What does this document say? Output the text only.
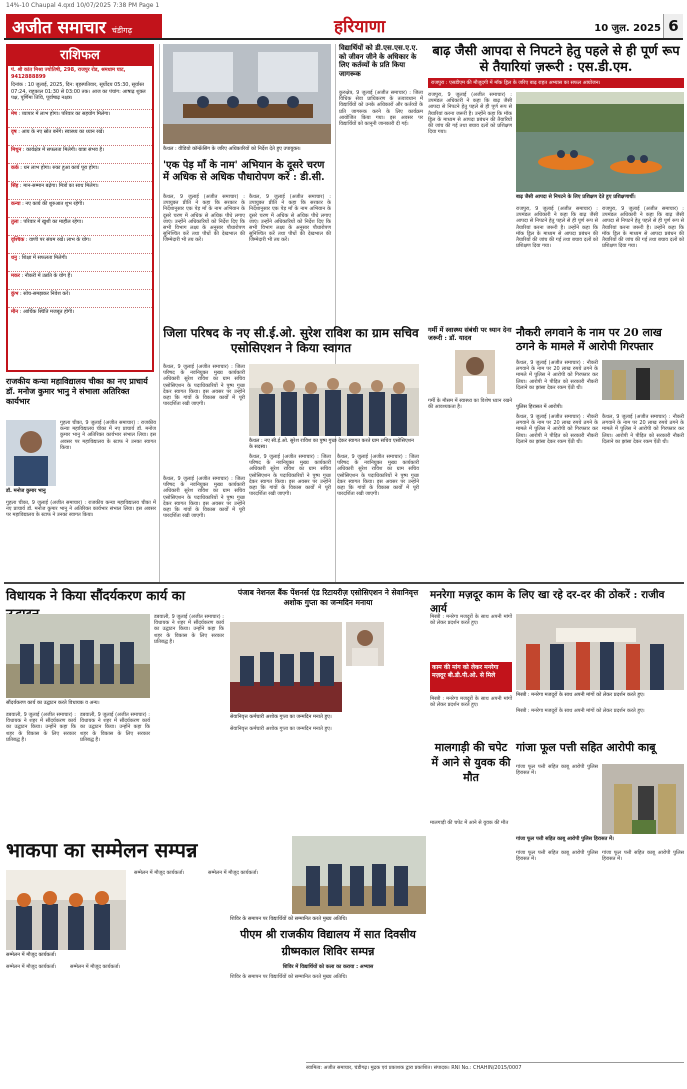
14%-10 Chaupal 4.qxd 10/07/2025 7:38 PM Page 1
अजीत समाचार चंडीगढ़	हरियाणा	10 जुल. 2025 6
राशिफल
पं. श्री कांत मिश्रा ज्योतिषी, 298, राजपुर रोड, श्रमधाम घाट, 9412888899
दिनांक : 10 जुलाई, 2025, दिन: बृहस्पतिवार, सूर्योदय 05:30, सूर्यास्त 07:24, राहुकाल 01:30 से 03:00 तक। आज का पंचांग: आषाढ़ शुक्ल पक्ष, पूर्णिमा तिथि, पूर्वाषाढ़ नक्षत्र।
मेष : व्यापार में लाभ होगा। परिवार का सहयोग मिलेगा।
वृष : आय के नए स्रोत बनेंगे। स्वास्थ्य का ध्यान रखें।
मिथुन : कार्यक्षेत्र में सफलता मिलेगी। यात्रा संभव है।
कर्क : धन लाभ होगा। रुका हुआ कार्य पूरा होगा।
सिंह : मान-सम्मान बढ़ेगा। मित्रों का साथ मिलेगा।
कन्या : नए कार्य की शुरुआत शुभ रहेगी।
तुला : परिवार में खुशी का माहौल रहेगा।
वृश्चिक : वाणी पर संयम रखें। लाभ के योग।
धनु : शिक्षा में सफलता मिलेगी।
मकर : नौकरी में उन्नति के योग हैं।
कुंभ : सोच-समझकर निवेश करें।
मीन : आर्थिक स्थिति मजबूत होगी।
कैथल : वीडियो कॉन्फ्रेंसिंग के जरिए अधिकारियों को निर्देश देते हुए उपायुक्त।
'एक पेड़ माँ के नाम' अभियान के दूसरे चरण में अधिक से अधिक पौधारोपण करें : डी.सी.
कैथल, 9 जुलाई (अजीत समाचार) : उपायुक्त प्रीति ने कहा कि सरकार के निर्देशानुसार एक पेड़ माँ के नाम अभियान के दूसरे चरण में अधिक से अधिक पौधे लगाए जाएं। उन्होंने अधिकारियों को निर्देश दिए कि सभी विभाग लक्ष्य के अनुसार पौधारोपण सुनिश्चित करें तथा पौधों की देखभाल की जिम्मेदारी भी तय करें।
कैथल, 9 जुलाई (अजीत समाचार) : उपायुक्त प्रीति ने कहा कि सरकार के निर्देशानुसार एक पेड़ माँ के नाम अभियान के दूसरे चरण में अधिक से अधिक पौधे लगाए जाएं। उन्होंने अधिकारियों को निर्देश दिए कि सभी विभाग लक्ष्य के अनुसार पौधारोपण सुनिश्चित करें तथा पौधों की देखभाल की जिम्मेदारी भी तय करें।
विद्यार्थियों को डी.एस.एस.ए.ए. को जीवन जीने के अधिकार के लिए कर्तव्यों के प्रति किया जागरूक
कुरुक्षेत्र, 9 जुलाई (अजीत समाचार) : जिला विधिक सेवा प्राधिकरण के तत्वावधान में विद्यार्थियों को उनके अधिकारों और कर्तव्यों के प्रति जागरूक करने के लिए कार्यक्रम आयोजित किया गया। इस अवसर पर विद्यार्थियों को कानूनी जानकारी दी गई।
बाढ़ जैसी आपदा से निपटने हेतु पहले से ही पूर्ण रूप से तैयारियां ज़रूरी : एस.डी.एम.
राजपुरा : एसडीएम की मौजूदगी में मॉक ड्रिल के जरिए बाढ़ राहत अभ्यास का सफल आयोजन।
राजपुरा, 9 जुलाई (अजीत समाचार) : उपमंडल अधिकारी ने कहा कि बाढ़ जैसी आपदा से निपटने हेतु पहले से ही पूर्ण रूप से तैयारियां करना जरूरी है। उन्होंने कहा कि मॉक ड्रिल के माध्यम से आपदा प्रबंधन की तैयारियों की जांच की गई तथा बचाव दलों को प्रशिक्षण दिया गया।
बाढ़ जैसी आपदा से निपटने के लिए प्रशिक्षण देते हुए प्रशिक्षणार्थी।
राजपुरा, 9 जुलाई (अजीत समाचार) : उपमंडल अधिकारी ने कहा कि बाढ़ जैसी आपदा से निपटने हेतु पहले से ही पूर्ण रूप से तैयारियां करना जरूरी है। उन्होंने कहा कि मॉक ड्रिल के माध्यम से आपदा प्रबंधन की तैयारियों की जांच की गई तथा बचाव दलों को प्रशिक्षण दिया गया।
राजपुरा, 9 जुलाई (अजीत समाचार) : उपमंडल अधिकारी ने कहा कि बाढ़ जैसी आपदा से निपटने हेतु पहले से ही पूर्ण रूप से तैयारियां करना जरूरी है। उन्होंने कहा कि मॉक ड्रिल के माध्यम से आपदा प्रबंधन की तैयारियों की जांच की गई तथा बचाव दलों को प्रशिक्षण दिया गया।
गर्मी में स्वास्थ्य संबंधी पर ध्यान देना जरूरी : डॉ. यादव
गर्मी के मौसम में स्वास्थ्य का विशेष ध्यान रखने की आवश्यकता है।
नौकरी लगवाने के नाम पर 20 लाख ठगने के मामले में आरोपी गिरफ्तार
कैथल, 9 जुलाई (अजीत समाचार) : नौकरी लगवाने के नाम पर 20 लाख रुपये ठगने के मामले में पुलिस ने आरोपी को गिरफ्तार कर लिया। आरोपी ने पीड़ित को सरकारी नौकरी दिलाने का झांसा देकर रकम ऐंठी थी।
पुलिस हिरासत में आरोपी।
कैथल, 9 जुलाई (अजीत समाचार) : नौकरी लगवाने के नाम पर 20 लाख रुपये ठगने के मामले में पुलिस ने आरोपी को गिरफ्तार कर लिया। आरोपी ने पीड़ित को सरकारी नौकरी दिलाने का झांसा देकर रकम ऐंठी थी।
कैथल, 9 जुलाई (अजीत समाचार) : नौकरी लगवाने के नाम पर 20 लाख रुपये ठगने के मामले में पुलिस ने आरोपी को गिरफ्तार कर लिया। आरोपी ने पीड़ित को सरकारी नौकरी दिलाने का झांसा देकर रकम ऐंठी थी।
जिला परिषद के नए सी.ई.ओ. सुरेश राविश का ग्राम सचिव एसोसिएशन ने किया स्वागत
कैथल, 9 जुलाई (अजीत समाचार) : जिला परिषद के नवनियुक्त मुख्य कार्यकारी अधिकारी सुरेश राविश का ग्राम सचिव एसोसिएशन के पदाधिकारियों ने पुष्प गुच्छ देकर स्वागत किया। इस अवसर पर उन्होंने कहा कि गांवों के विकास कार्यों में पूरी पारदर्शिता रखी जाएगी।
कैथल : नए सी.ई.ओ. सुरेश राविश का पुष्प गुच्छ देकर स्वागत करते ग्राम सचिव एसोसिएशन के सदस्य।
कैथल, 9 जुलाई (अजीत समाचार) : जिला परिषद के नवनियुक्त मुख्य कार्यकारी अधिकारी सुरेश राविश का ग्राम सचिव एसोसिएशन के पदाधिकारियों ने पुष्प गुच्छ देकर स्वागत किया। इस अवसर पर उन्होंने कहा कि गांवों के विकास कार्यों में पूरी पारदर्शिता रखी जाएगी।
कैथल, 9 जुलाई (अजीत समाचार) : जिला परिषद के नवनियुक्त मुख्य कार्यकारी अधिकारी सुरेश राविश का ग्राम सचिव एसोसिएशन के पदाधिकारियों ने पुष्प गुच्छ देकर स्वागत किया। इस अवसर पर उन्होंने कहा कि गांवों के विकास कार्यों में पूरी पारदर्शिता रखी जाएगी।
राजकीय कन्या महाविद्यालय चीका का नए प्राचार्य डॉ. मनोज कुमार भानु ने संभाला अतिरिक्त कार्यभार
डॉ. मनोज कुमार भानु
गुहला चीका, 9 जुलाई (अजीत समाचार) : राजकीय कन्या महाविद्यालय चीका में नए प्राचार्य डॉ. मनोज कुमार भानु ने अतिरिक्त कार्यभार संभाल लिया। इस अवसर पर महाविद्यालय के स्टाफ ने उनका स्वागत किया।
गुहला चीका, 9 जुलाई (अजीत समाचार) : राजकीय कन्या महाविद्यालय चीका में नए प्राचार्य डॉ. मनोज कुमार भानु ने अतिरिक्त कार्यभार संभाल लिया। इस अवसर पर महाविद्यालय के स्टाफ ने उनका स्वागत किया।
कैथल, 9 जुलाई (अजीत समाचार) : जिला परिषद के नवनियुक्त मुख्य कार्यकारी अधिकारी सुरेश राविश का ग्राम सचिव एसोसिएशन के पदाधिकारियों ने पुष्प गुच्छ देकर स्वागत किया। इस अवसर पर उन्होंने कहा कि गांवों के विकास कार्यों में पूरी पारदर्शिता रखी जाएगी।
विधायक ने किया सौंदर्यकरण कार्य का
सौंदर्यकरण कार्य का उद्घाटन करते विधायक व अन्य।
डबवाली, 9 जुलाई (अजीत समाचार) : विधायक ने शहर में सौंदर्यकरण कार्य का उद्घाटन किया। उन्होंने कहा कि शहर के विकास के लिए सरकार प्रतिबद्ध है।
डबवाली, 9 जुलाई (अजीत समाचार) : विधायक ने शहर में सौंदर्यकरण कार्य का उद्घाटन किया। उन्होंने कहा कि शहर के विकास के लिए सरकार प्रतिबद्ध है।
डबवाली, 9 जुलाई (अजीत समाचार) : विधायक ने शहर में सौंदर्यकरण कार्य का उद्घाटन किया। उन्होंने कहा कि शहर के विकास के लिए सरकार प्रतिबद्ध है।
पंजाब नेशनल बैंक पेंशनर्स एंड रिटायरीज़ एसोसिएशन ने सेवानिवृत्त अशोक गुप्ता का जन्मदिन मनाया
सेवानिवृत्त कर्मचारी अशोक गुप्ता का जन्मदिन मनाते हुए।
सेवानिवृत्त कर्मचारी अशोक गुप्ता का जन्मदिन मनाते हुए।
मनरेगा मज़दूर काम के लिए खा रहे दर-दर की ठोकरें : राजीव आर्य
मिस्त्री : मनरेगा मजदूरों के साथ अपनी मांगों को लेकर प्रदर्शन करते हुए।
मिस्त्री : मनरेगा मजदूरों के साथ अपनी मांगों को लेकर प्रदर्शन करते हुए।
काम की मांग को लेकर मनरेगा मज़दूर बी.डी.पी.ओ. से मिले
मिस्त्री : मनरेगा मजदूरों के साथ अपनी मांगों को लेकर प्रदर्शन करते हुए।
मिस्त्री : मनरेगा मजदूरों के साथ अपनी मांगों को लेकर प्रदर्शन करते हुए।
मालगाड़ी की चपेट में आने से युवक की मौत
मालगाड़ी की चपेट में आने से युवक की मौत
गांजा फूल पत्ती सहित आरोपी काबू
गांजा फूल पत्ती सहित काबू आरोपी पुलिस हिरासत में।
गांजा फूल पत्ती सहित काबू आरोपी पुलिस हिरासत में।
गांजा फूल पत्ती सहित काबू आरोपी पुलिस हिरासत में।
गांजा फूल पत्ती सहित काबू आरोपी पुलिस हिरासत में।
भाकपा का सम्मेलन सम्पन्न
सम्मेलन में मौजूद कार्यकर्ता।
सम्मेलन में मौजूद कार्यकर्ता।	सम्मेलन में मौजूद कार्यकर्ता।
सम्मेलन में मौजूद कार्यकर्ता।	सम्मेलन में मौजूद कार्यकर्ता।
शिविर के समापन पर विद्यार्थियों को सम्मानित करते मुख्य अतिथि।
पीएम श्री राजकीय विद्यालय में सात दिवसीय ग्रीष्मकाल शिविर सम्पन्न
शिविर में विद्यार्थियों को कला का कराया : अभ्यास
शिविर के समापन पर विद्यार्थियों को सम्मानित करते मुख्य अतिथि।
स्वामित्व: अजीत समाचार, चंडीगढ़। मुद्रक एवं प्रकाशक द्वारा प्रकाशित। संपादक। RNI No.: CHAHIN/2015/0007
